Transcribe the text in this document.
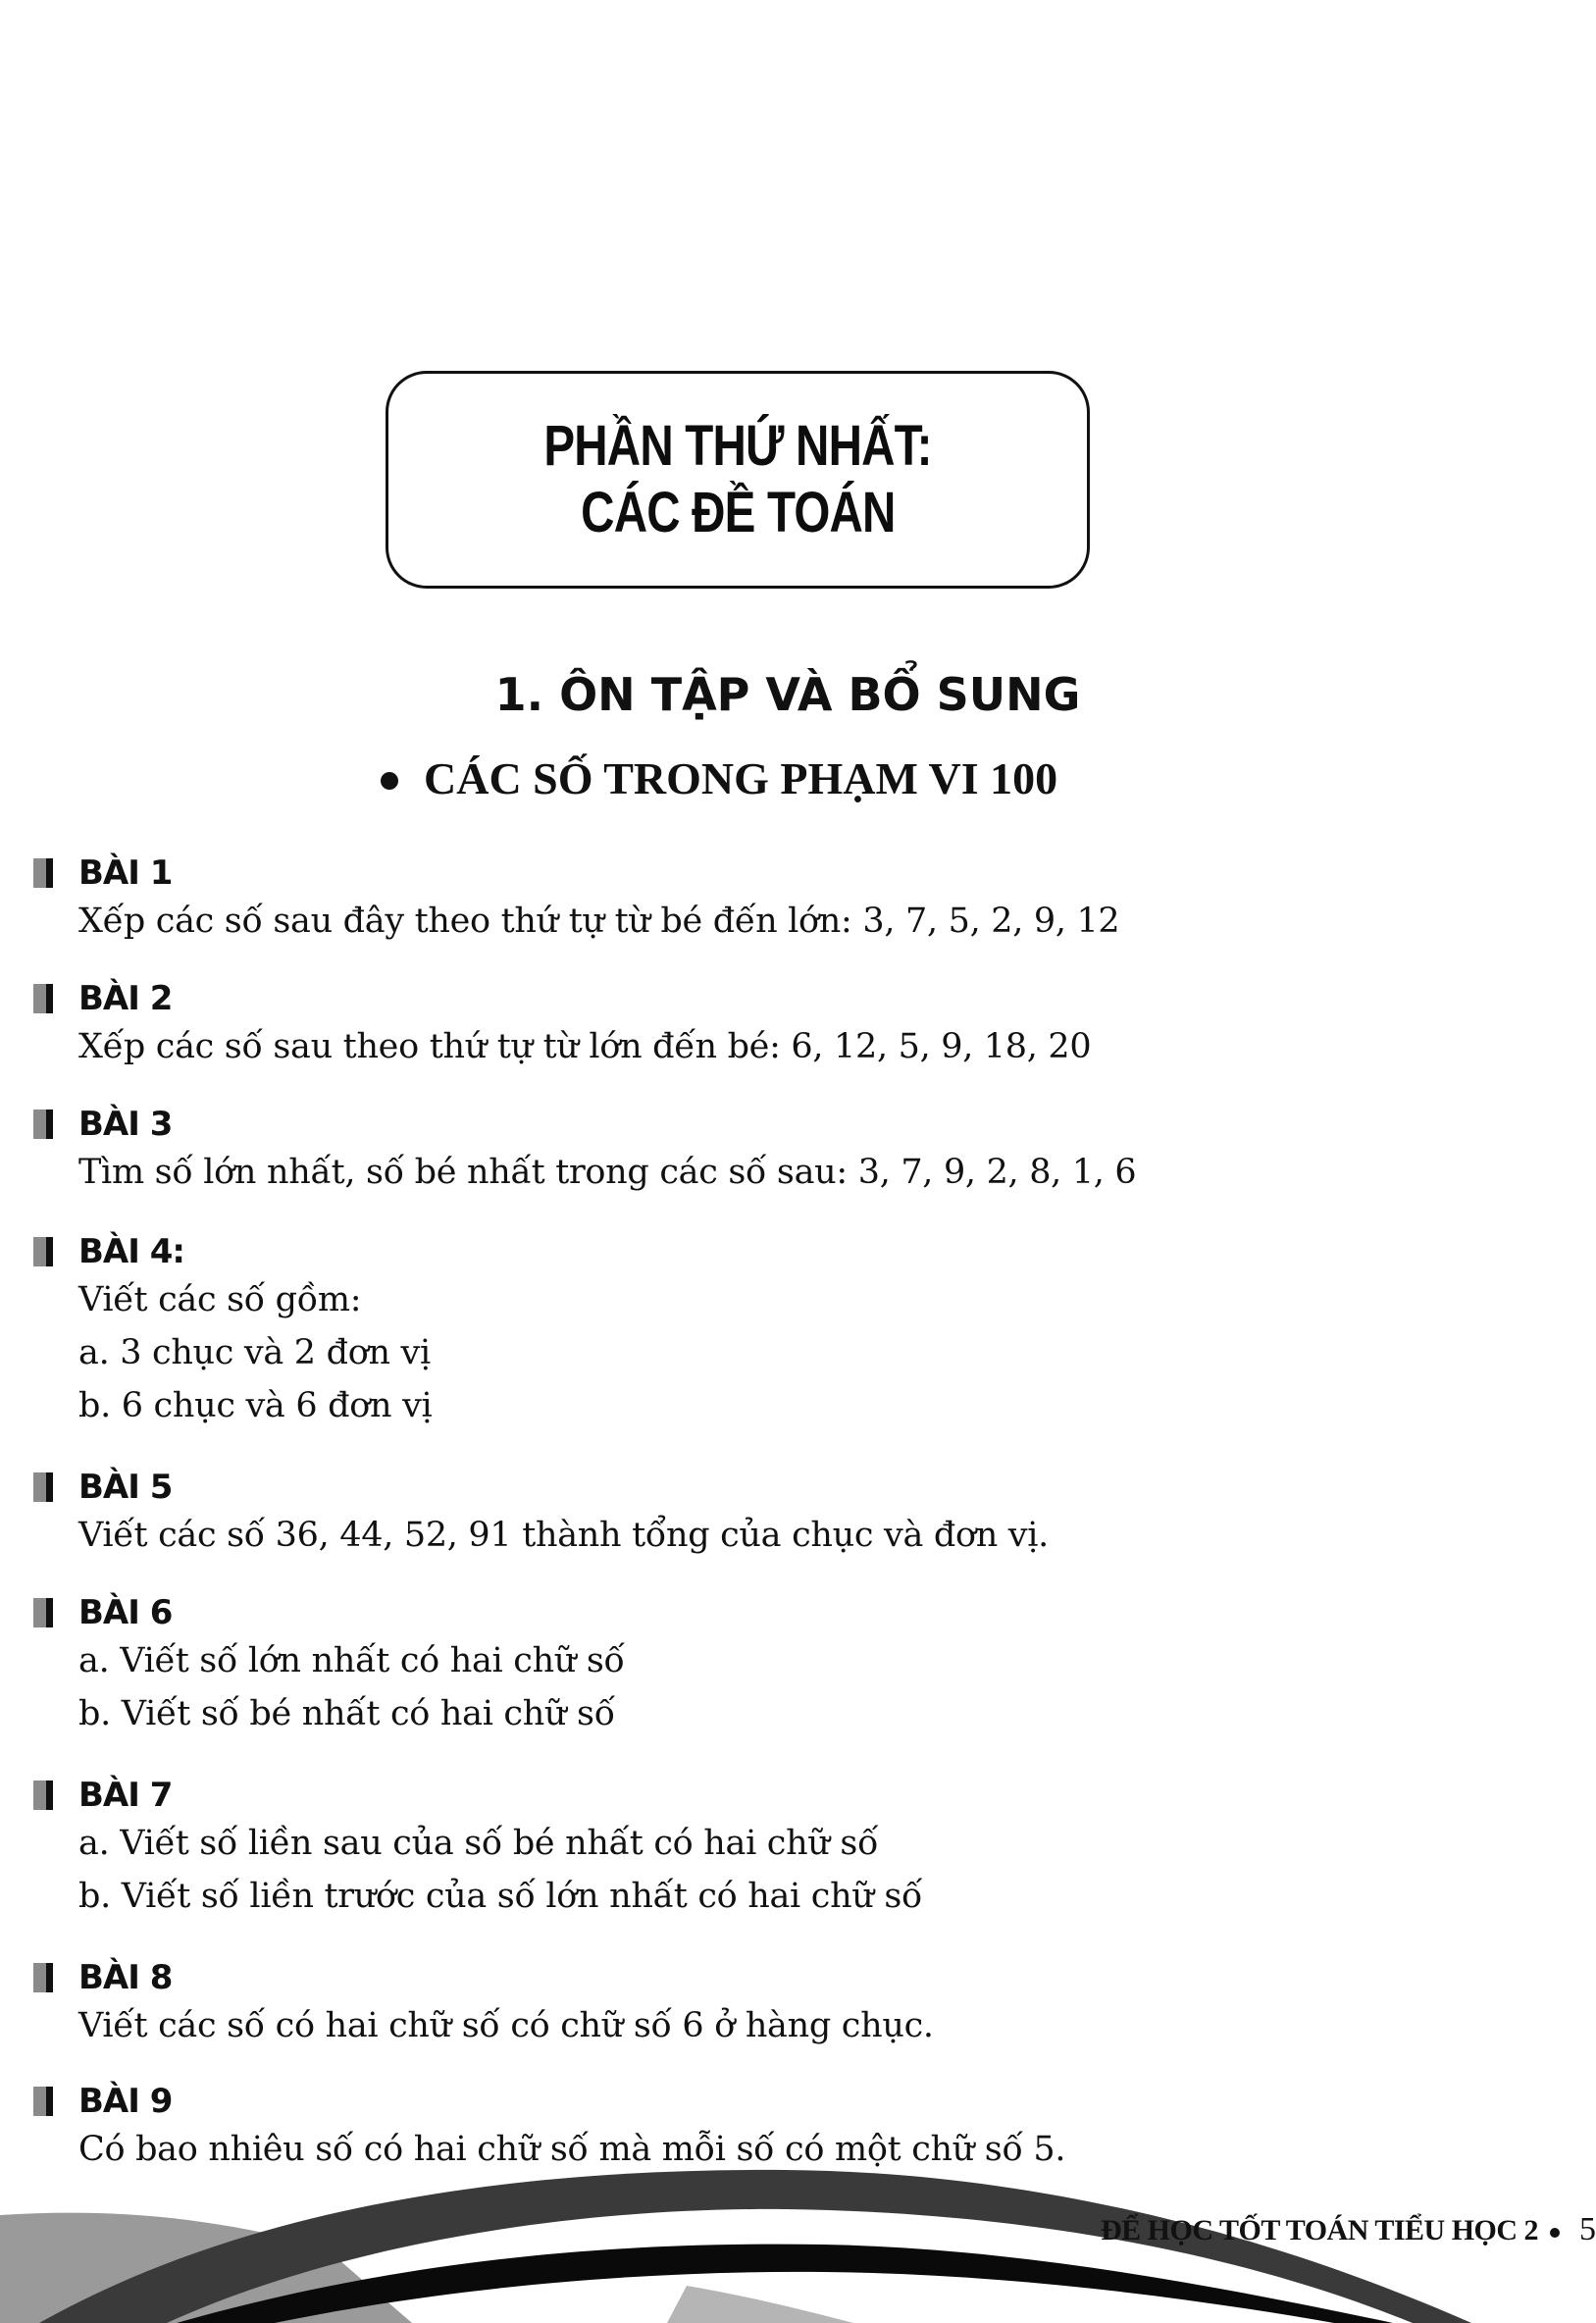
PHẦN THỨ NHẤT:
CÁC ĐỀ TOÁN
1. ÔN TẬP VÀ BỔ SUNG
CÁC SỐ TRONG PHẠM VI 100
BÀI 1
Xếp các số sau đây theo thứ tự từ bé đến lớn: 3, 7, 5, 2, 9, 12
BÀI 2
Xếp các số sau theo thứ tự từ lớn đến bé: 6, 12, 5, 9, 18, 20
BÀI 3
Tìm số lớn nhất, số bé nhất trong các số sau: 3, 7, 9, 2, 8, 1, 6
BÀI 4:
Viết các số gồm:
a. 3 chục và 2 đơn vị
b. 6 chục và 6 đơn vị
BÀI 5
Viết các số 36, 44, 52, 91 thành tổng của chục và đơn vị.
BÀI 6
a. Viết số lớn nhất có hai chữ số
b. Viết số bé nhất có hai chữ số
BÀI 7
a. Viết số liền sau của số bé nhất có hai chữ số
b. Viết số liền trước của số lớn nhất có hai chữ số
BÀI 8
Viết các số có hai chữ số có chữ số 6 ở hàng chục.
BÀI 9
Có bao nhiêu số có hai chữ số mà mỗi số có một chữ số 5.
ĐỂ HỌC TỐT TOÁN TIỂU HỌC 2 5
